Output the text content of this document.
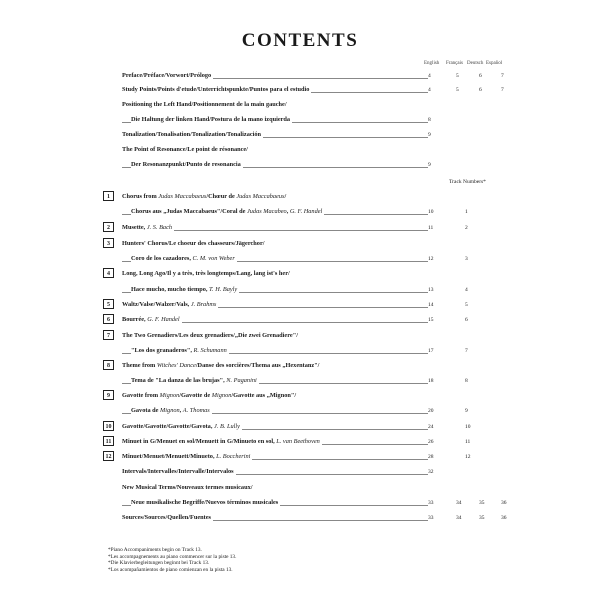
CONTENTS
English Français Deutsch Español
Preface/Préface/Vorwort/Prólogo	4	5	6	7
Study Points/Points d'etude/Unterrichtspunkte/Puntos para el estudio	4	5	6	7
Positioning the Left Hand/Positionnement de la main gauche/
Die Haltung der linken Hand/Postura de la mano izquierda	8
Tonalization/Tonalisation/Tonalization/Tonalización	9
The Point of Resonance/Le point de résonance/
Der Resonanzpunkt/Punto de resonancia	9
Track Numbers*
1	Chorus from Judas Maccabaeus/Chœur de Judas Maccabaeus/
Chorus aus „Judas Maccabaeus"/Coral de Judas Macabeo, G. F. Handel	10	1
2	Musette, J. S. Bach	11	2
3	Hunters' Chorus/Le choeur des chasseurs/Jägerchor/
Coro de los cazadores, C. M. von Weber	12	3
4	Long, Long Ago/Il y a très, très longtemps/Lang, lang ist's her/
Hace mucho, mucho tiempo, T. H. Bayly	13	4
5	Waltz/Valse/Walzer/Vals, J. Brahms	14	5
6	Bourrée, G. F. Handel	15	6
7	The Two Grenadiers/Les deux grenadiers/„Die zwei Grenadiere"/
"Los dos granaderos", R. Schumann	17	7
8	Theme from Witches' Dance/Danse des sorcières/Thema aus „Hexentanz"/
Tema de "La danza de las brujas", N. Paganini	18	8
9	Gavotte from Mignon/Gavotte de Mignon/Gavotte aus „Mignon"/
Gavota de Mignon, A. Thomas	20	9
10	Gavotte/Gavotte/Gavotte/Gavota, J. B. Lully	24	10
11	Minuet in G/Menuet en sol/Menuett in G/Minueto en sol, L. van Beethoven	26	11
12	Minuet/Menuet/Menuett/Minueto, L. Boccherini	28	12
Intervals/Intervalles/Intervalle/Intervalos	32
New Musical Terms/Nouveaux termes musicaux/
Neue musikalische Begriffe/Nuevos términos musicales	33	34	35	36
Sources/Sources/Quellen/Fuentes	33	34	35	36
*Piano Accompaniments begin on Track 13.
*Les accompagnements au piano commencer sur la piste 13.
*Die Klavierbegleitungen beginnt bei Track 13.
*Los acompañamientos de piano comienzan en la pista 13.
